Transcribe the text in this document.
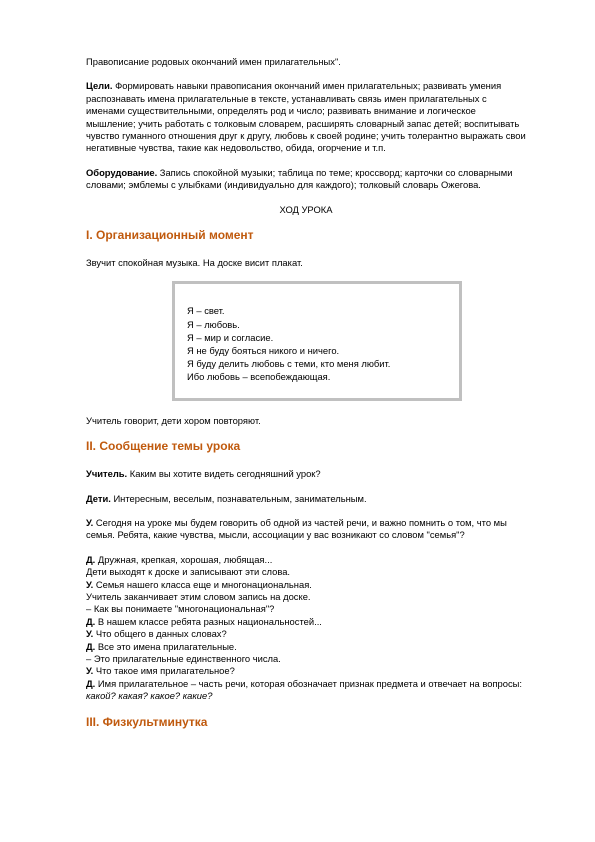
Правописание родовых окончаний имен прилагательных".

Цели. Формировать навыки правописания окончаний имен прилагательных; развивать умения распознавать имена прилагательные в тексте, устанавливать связь имен прилагательных с именами существительными, определять род и число; развивать внимание и логическое мышление; учить работать с толковым словарем, расширять словарный запас детей; воспитывать чувство гуманного отношения друг к другу, любовь к своей родине; учить толерантно выражать свои негативные чувства, такие как недовольство, обида, огорчение и т.п.

Оборудование. Запись спокойной музыки; таблица по теме; кроссворд; карточки со словарными словами; эмблемы с улыбками (индивидуально для каждого); толковый словарь Ожегова.

ХОД УРОКА

I. Организационный момент

Звучит спокойная музыка. На доске висит плакат.

Я – свет.
Я – любовь.
Я – мир и согласие.
Я не буду бояться никого и ничего.
Я буду делить любовь с теми, кто меня любит.
Ибо любовь – всепобеждающая.

Учитель говорит, дети хором повторяют.

II. Сообщение темы урока

Учитель. Каким вы хотите видеть сегодняшний урок?

Дети. Интересным, веселым, познавательным, занимательным.

У. Сегодня на уроке мы будем говорить об одной из частей речи, и важно помнить о том, что мы семья. Ребята, какие чувства, мысли, ассоциации у вас возникают со словом "семья"?

Д. Дружная, крепкая, хорошая, любящая...

Дети выходят к доске и записывают эти слова.

У. Семья нашего класса еще и многонациональная.

Учитель заканчивает этим словом запись на доске.

– Как вы понимаете "многонациональная"?

Д. В нашем классе ребята разных национальностей...

У. Что общего в данных словах?

Д. Все это имена прилагательные.

– Это прилагательные единственного числа.

У. Что такое имя прилагательное?

Д. Имя прилагательное – часть речи, которая обозначает признак предмета и отвечает на вопросы: какой? какая? какое? какие?

III. Физкультминутка
